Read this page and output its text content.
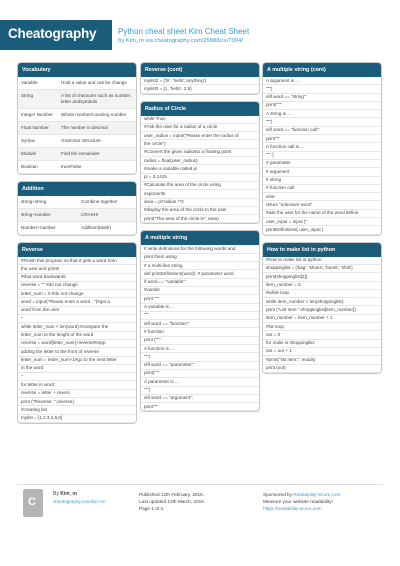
Cheatography	Python cheat sheet Kim Cheat Sheet
by Kim_m via cheatography.com/25888/cs/7004/
Vocabulary
Variable	Hold a value and can be change
String	A list of character such as number, letter andsymbols
Integer Number	Whole number/counting number
Float Number	The number in decimal
Syntax	Grammar /structure
Module	Find the remainder
Boolean	true/False
Addition
string+string	Combine together
string+number	CRASH!
Number+number	Addition(Math)
Reverse
#Finish this program so that it gets a word from
the user and prints
#that word backwards
reverse = "" #do not change
letter_num = 0 #do not change
word = input("Please enter a word : ")#get a
word from the user
"
while letter_num < len(word):#compare the
letter_num to the lenght of the word
reverse = word[letter_num]+reverse#repp
adding the letter to the front of reverse
letter_num = letter_num+1#go to the next letter
in the word
"
for letter in word :
reverse = letter + revers
print ("Reverse: ",reverse)
#creating list
mylist = [1,2,3,4,5,6]
Reverse (cont)
mylist2 = ['hi', 'hello','anything']
mylist3 = [1, 'hello', 2.5]
Radius of Circle
while True:
#Ask the user for a radius of a circle
user_radius = input("Please enter the radius of
the circle")
#Convert the given radiusto a floating point
radius = float(user_radius)
#make a variable called pi
pi = 3.1415
#Calculate the area of the circle using
exponents
area = pi*radius **2
#display the area of the circle to the user
print("The area of the circle is", area)
A multiple string
# write definitions for the following words and
print them using
# a multi-line string
def printDefinitions(word): # parameter word
if word == "variable":
#varisle
print """
A variable is ...
"""
elif word == "function":
# function
print ("""
A function is ...
""")
elif word == "parameter":
print("""
A parameter is ...
""")
elif word == "argument":
print"""
A multiple string (cont)
A argument is ...
""")
elif word == "string":
print("""
A string is ...
""")
elif word == "function call":
print"""
A function call is ...
""" )
# parameter
# argument
# string
# function call
else:
return "unknown word"
#ask the user for the name of the word define
user_input = input ("
printDefinitions( user_input )
How to make list in python
#how to make list in python
shoppinglist = ['bag', 'shoes', 'boots', 'shirt']
print(shoppinglist[2])
item_number = 0
#while loop
while item_number < len(shoppinglist):
print ("List item:",shoppinglist[item_number])
item_number = item_number + 1
#for loop
out = 0
for mulis in shoppinglist:
out = out + 1
#print("list item:", muids)
print (out)
C
By Kim_m
cheatography.com/kim-m/
Published 12th February, 2016.
Last updated 12th March, 2016.
Page 1 of 4.
Sponsored by Readability-Score.com
Measure your website readability!
https://readability-score.com
